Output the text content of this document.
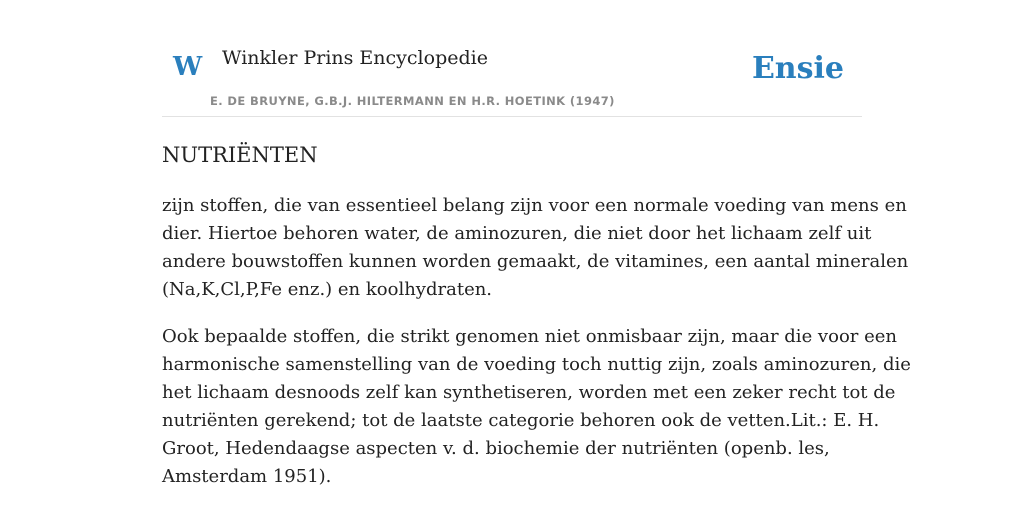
W Winkler Prins Encyclopedie
E. DE BRUYNE, G.B.J. HILTERMANN EN H.R. HOETINK (1947)
Ensie
NUTRIËNTEN

zijn stoffen, die van essentieel belang zijn voor een normale voeding van mens en
dier. Hiertoe behoren water, de aminozuren, die niet door het lichaam zelf uit
andere bouwstoffen kunnen worden gemaakt, de vitamines, een aantal mineralen
(Na,K,Cl,P,Fe enz.) en koolhydraten.

Ook bepaalde stoffen, die strikt genomen niet onmisbaar zijn, maar die voor een
harmonische samenstelling van de voeding toch nuttig zijn, zoals aminozuren, die
het lichaam desnoods zelf kan synthetiseren, worden met een zeker recht tot de
nutriënten gerekend; tot de laatste categorie behoren ook de vetten.Lit.: E. H.
Groot, Hedendaagse aspecten v. d. biochemie der nutriënten (openb. les,
Amsterdam 1951).
